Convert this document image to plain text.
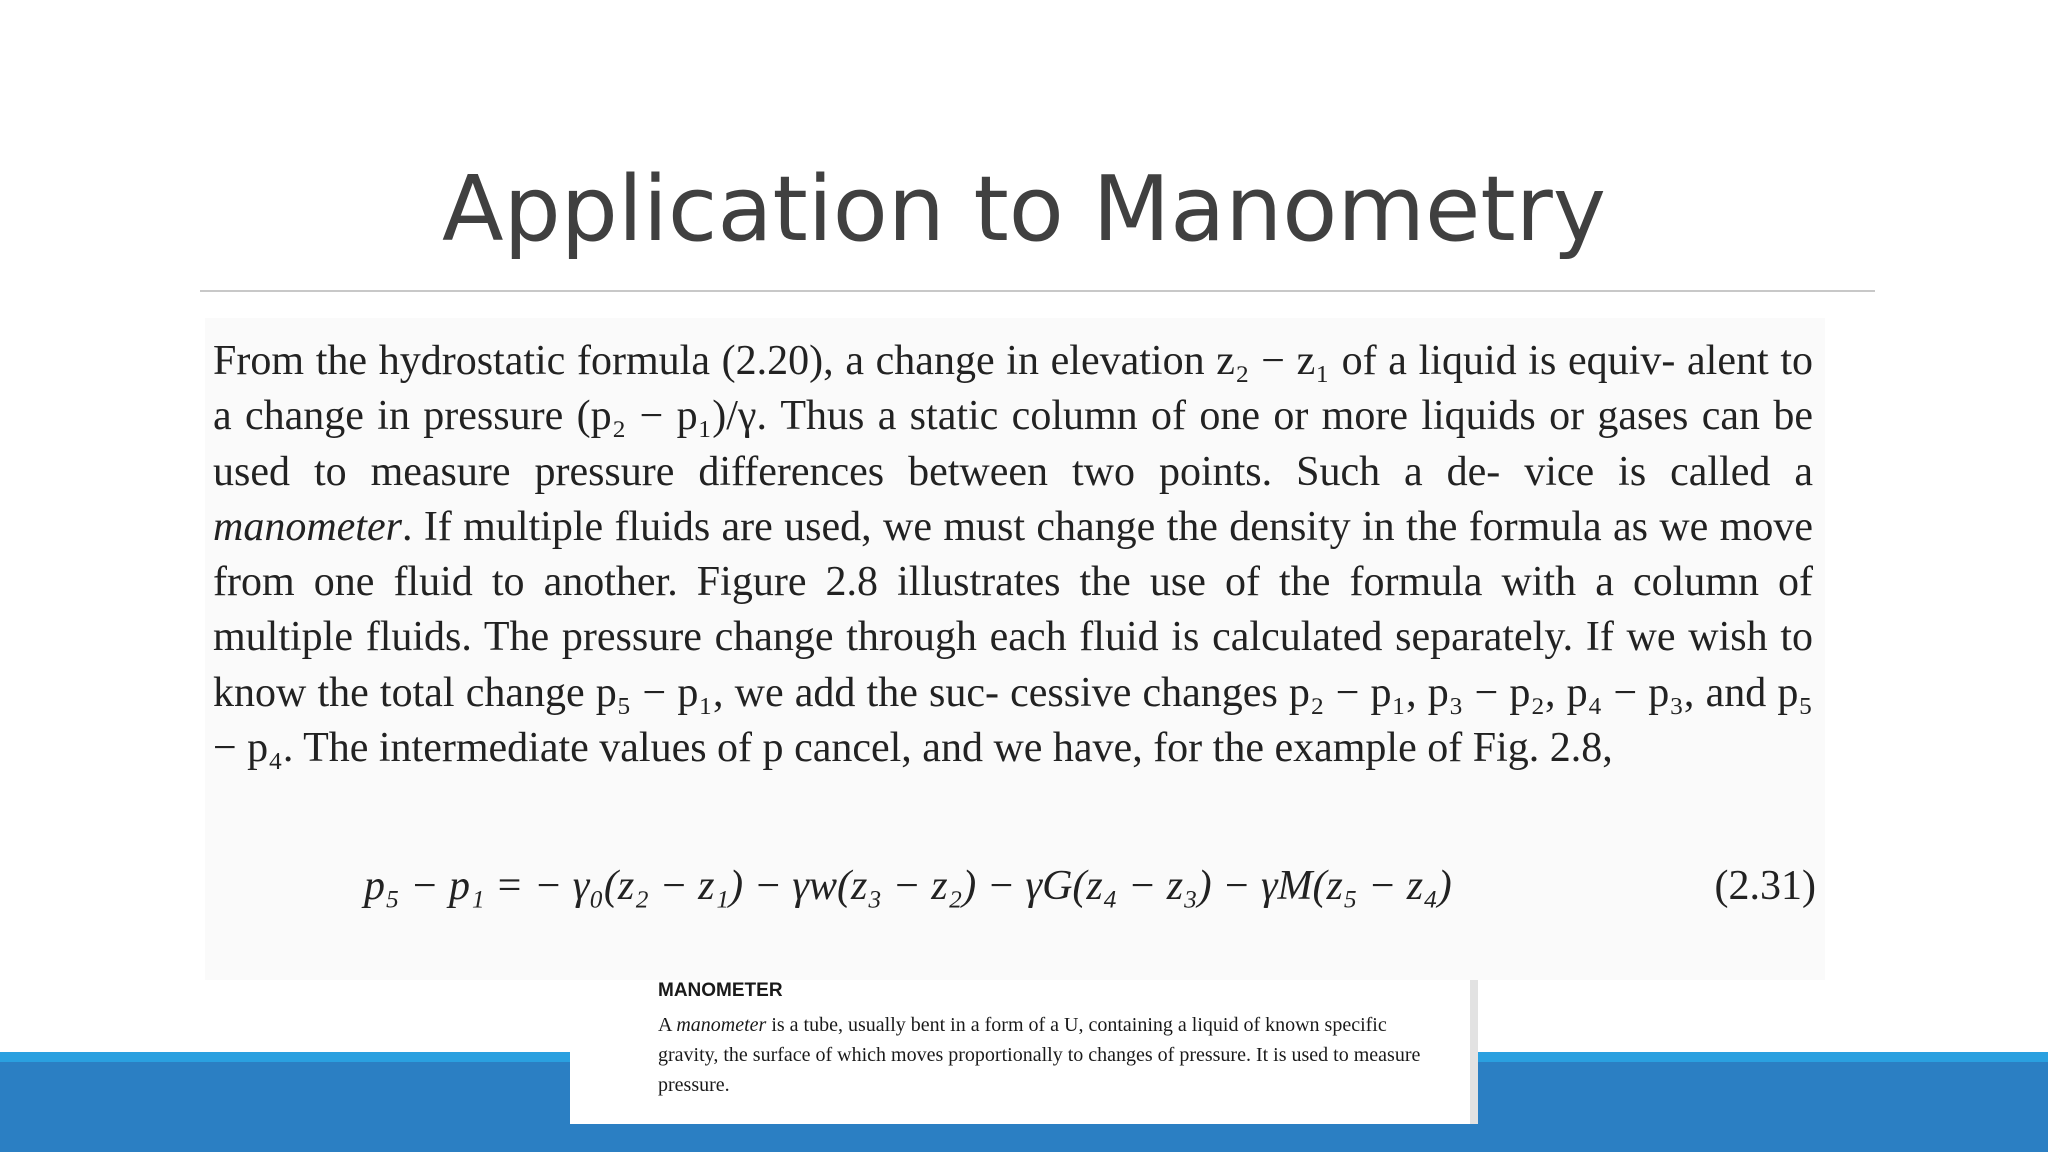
Application to Manometry
From the hydrostatic formula (2.20), a change in elevation z₂ − z₁ of a liquid is equiv- alent to a change in pressure (p₂ − p₁)/γ. Thus a static column of one or more liquids or gases can be used to measure pressure differences between two points. Such a de- vice is called a manometer. If multiple fluids are used, we must change the density in the formula as we move from one fluid to another. Figure 2.8 illustrates the use of the formula with a column of multiple fluids. The pressure change through each fluid is calculated separately. If we wish to know the total change p₅ − p₁, we add the suc- cessive changes p₂ − p₁, p₃ − p₂, p₄ − p₃, and p₅ − p₄. The intermediate values of p cancel, and we have, for the example of Fig. 2.8,
p₅ − p₁ = − γ₀(z₂ − z₁) − γw(z₃ − z₂) − γG(z₄ − z₃) − γM(z₅ − z₄)	(2.31)
MANOMETER

A manometer is a tube, usually bent in a form of a U, containing a liquid of known specific gravity, the surface of which moves proportionally to changes of pressure. It is used to measure pressure.
